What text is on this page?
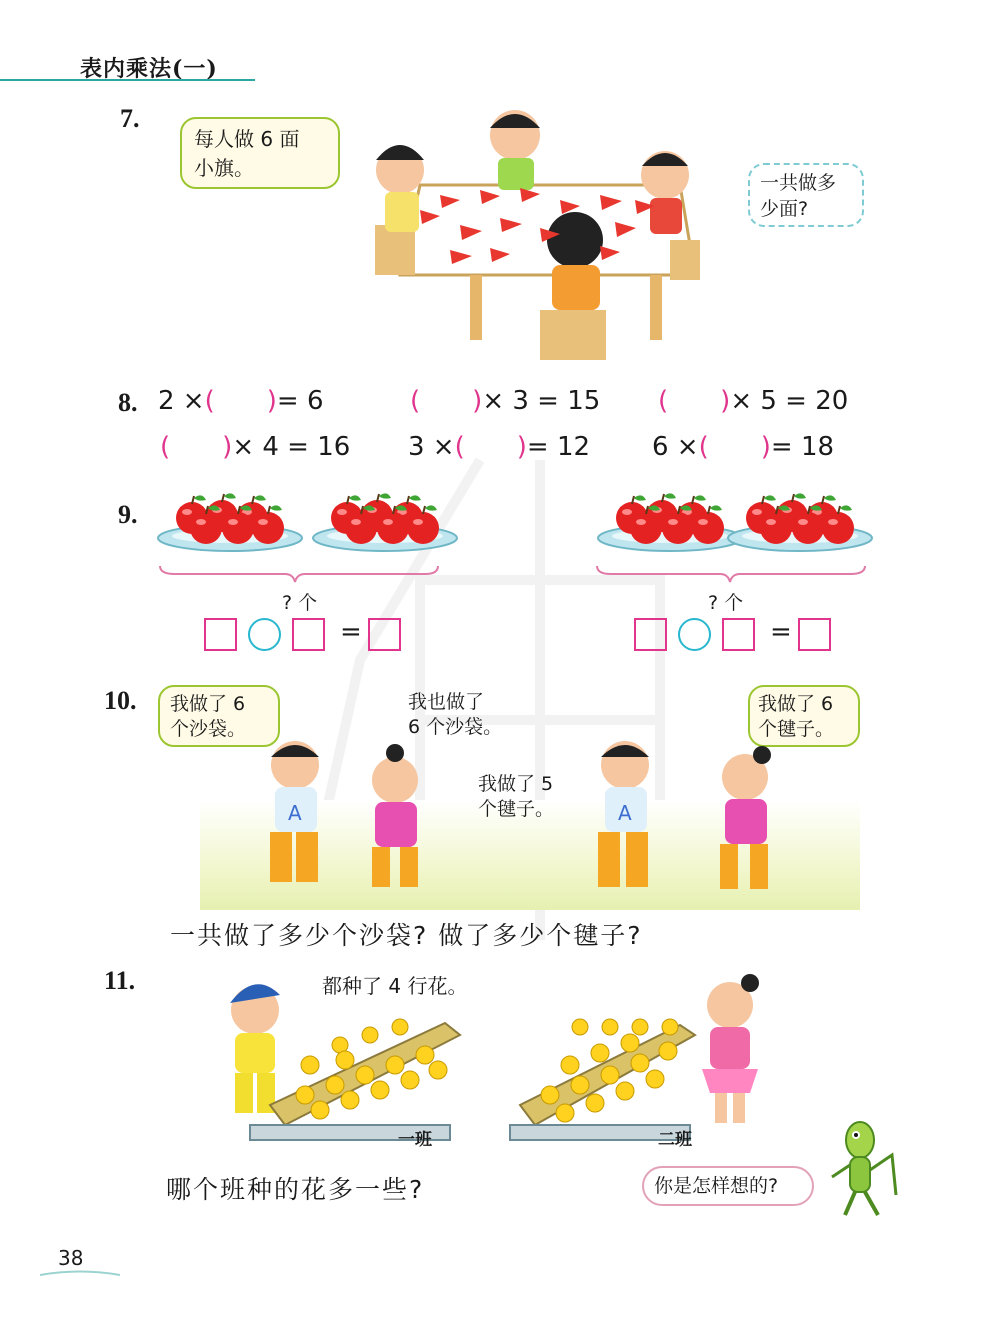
表内乘法(一)
7.
每人做 6 面
小旗。
一共做多
少面?
8. 2 ×( )= 6	( )× 3 = 15 ( )× 5 = 20
( )× 4 = 16 3 ×( )= 12 6 ×( )= 18
9.
? 个	? 个
=	=
10. 我做了 6
个沙袋。
我也做了
6 个沙袋。
我做了 5
个毽子。
我做了 6
个毽子。
A	A
一共做了多少个沙袋? 做了多少个毽子?
11.	都种了 4 行花。
一班	二班
哪个班种的花多一些?	你是怎样想的?
38
